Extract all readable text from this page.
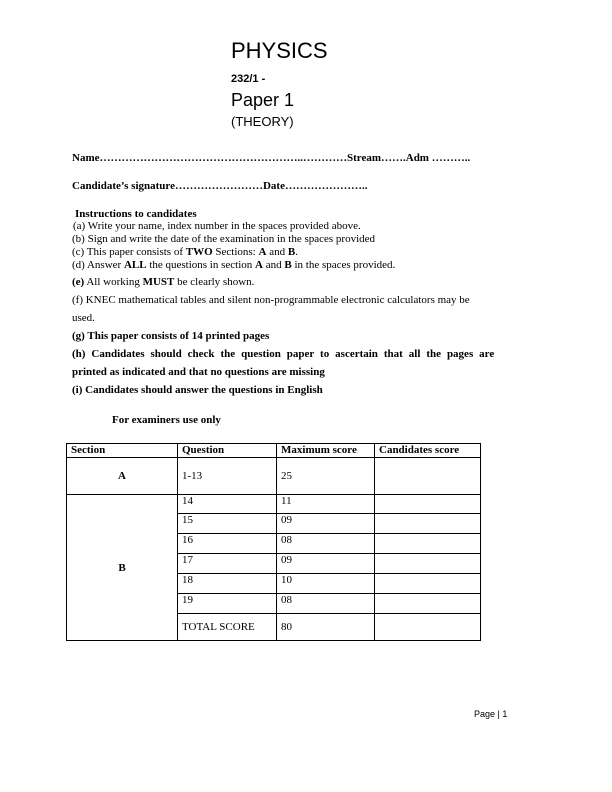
PHYSICS
232/1 -
Paper 1
(THEORY)
Name………………………………………………..…………Stream…….Adm ………..
Candidate’s signature……………………Date…………………..
Instructions to candidates
(a) Write your name, index number in the spaces provided above.
(b) Sign and write the date of the examination in the spaces provided
(c) This paper consists of TWO Sections: A and B.
(d) Answer ALL the questions in section A and B in the spaces provided.
(e) All working MUST be clearly shown.
(f) KNEC mathematical tables and silent non-programmable electronic calculators may be
used.
(g) This paper consists of 14 printed pages
(h) Candidates should check the question paper to ascertain that all the pages are
printed as indicated and that no questions are missing
(i) Candidates should answer the questions in English
For examiners use only
Section	Question	Maximum score	Candidates score
A	1-13	25	
B	14	11	
	15	09	
	16	08	
	17	09	
	18	10	
	19	08	
	TOTAL SCORE	80	
Page | 1
